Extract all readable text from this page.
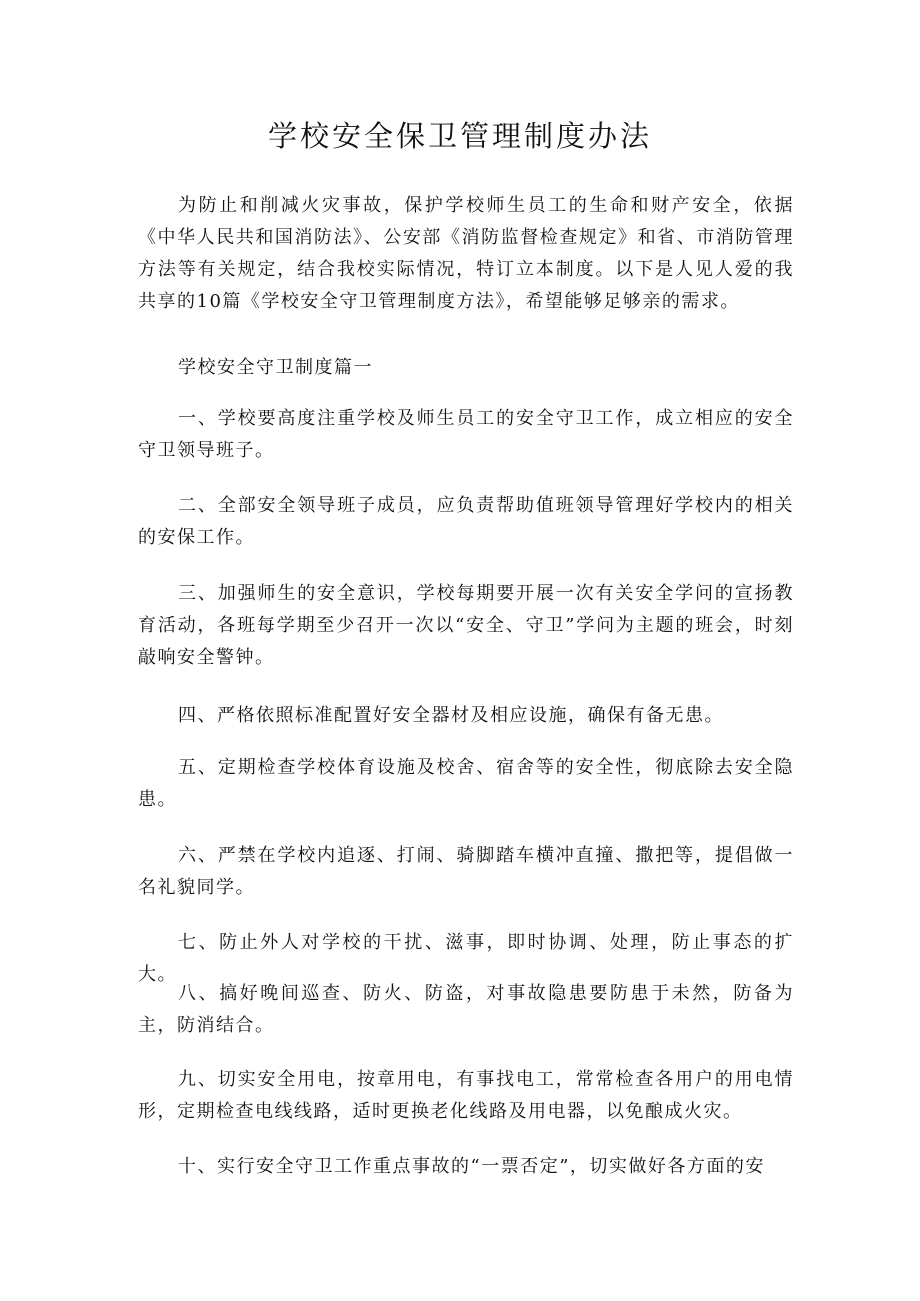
学校安全保卫管理制度办法

为防止和削减火灾事故，保护学校师生员工的生命和财产安全，依据《中华人民共和国消防法》、公安部《消防监督检查规定》和省、市消防管理方法等有关规定，结合我校实际情况，特订立本制度。以下是人见人爱的我共享的10篇《学校安全守卫管理制度方法》，希望能够足够亲的需求。

学校安全守卫制度篇一

一、学校要高度注重学校及师生员工的安全守卫工作，成立相应的安全守卫领导班子。

二、全部安全领导班子成员，应负责帮助值班领导管理好学校内的相关的安保工作。

三、加强师生的安全意识，学校每期要开展一次有关安全学问的宣扬教育活动，各班每学期至少召开一次以“安全、守卫”学问为主题的班会，时刻敲响安全警钟。

四、严格依照标准配置好安全器材及相应设施，确保有备无患。

五、定期检查学校体育设施及校舍、宿舍等的安全性，彻底除去安全隐患。

六、严禁在学校内追逐、打闹、骑脚踏车横冲直撞、撒把等，提倡做一名礼貌同学。

七、防止外人对学校的干扰、滋事，即时协调、处理，防止事态的扩大。

八、搞好晚间巡查、防火、防盗，对事故隐患要防患于未然，防备为主，防消结合。

九、切实安全用电，按章用电，有事找电工，常常检查各用户的用电情形，定期检查电线线路，适时更换老化线路及用电器，以免酿成火灾。

十、实行安全守卫工作重点事故的“一票否定”，切实做好各方面的安
